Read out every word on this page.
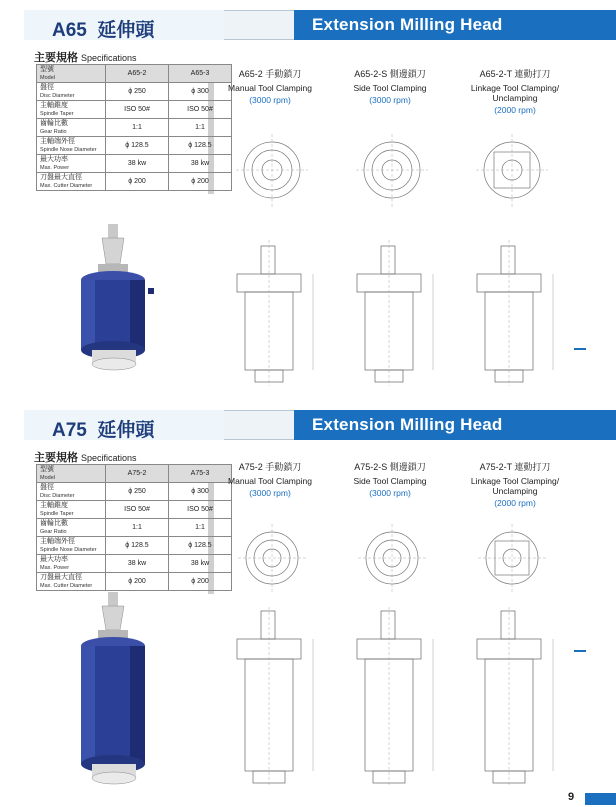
A65 延伸頭	Extension Milling Head
主要規格 Specifications
型號
Model	A65-2	A65-3

盤徑
Disc Diameter	ϕ 250	ϕ 300

主軸錐度
Spindle Taper	ISO 50#	ISO 50#

齒輪比數
Gear Ratio	1:1	1:1

主軸端外徑
Spindle Nose Diameter	ϕ 128.5	ϕ 128.5

最大功率
Max. Power	38 kw	38 kw

刀盤最大直徑
Max. Cutter Diameter	ϕ 200	ϕ 200
A65-2 手動鎖刀
Manual Tool Clamping
(3000 rpm)
A65-2-S 側邊鎖刀
Side Tool Clamping
(3000 rpm)
A65-2-T 連動打刀
Linkage Tool Clamping/ Unclamping
(2000 rpm)
A75 延伸頭	Extension Milling Head
主要規格 Specifications
型號
Model	A75-2	A75-3

盤徑
Disc Diameter	ϕ 250	ϕ 300

主軸錐度
Spindle Taper	ISO 50#	ISO 50#

齒輪比數
Gear Ratio	1:1	1:1

主軸端外徑
Spindle Nose Diameter	ϕ 128.5	ϕ 128.5

最大功率
Max. Power	38 kw	38 kw

刀盤最大直徑
Max. Cutter Diameter	ϕ 200	ϕ 200
A75-2 手動鎖刀
Manual Tool Clamping
(3000 rpm)
A75-2-S 側邊鎖刀
Side Tool Clamping
(3000 rpm)
A75-2-T 連動打刀
Linkage Tool Clamping/ Unclamping
(2000 rpm)
9
